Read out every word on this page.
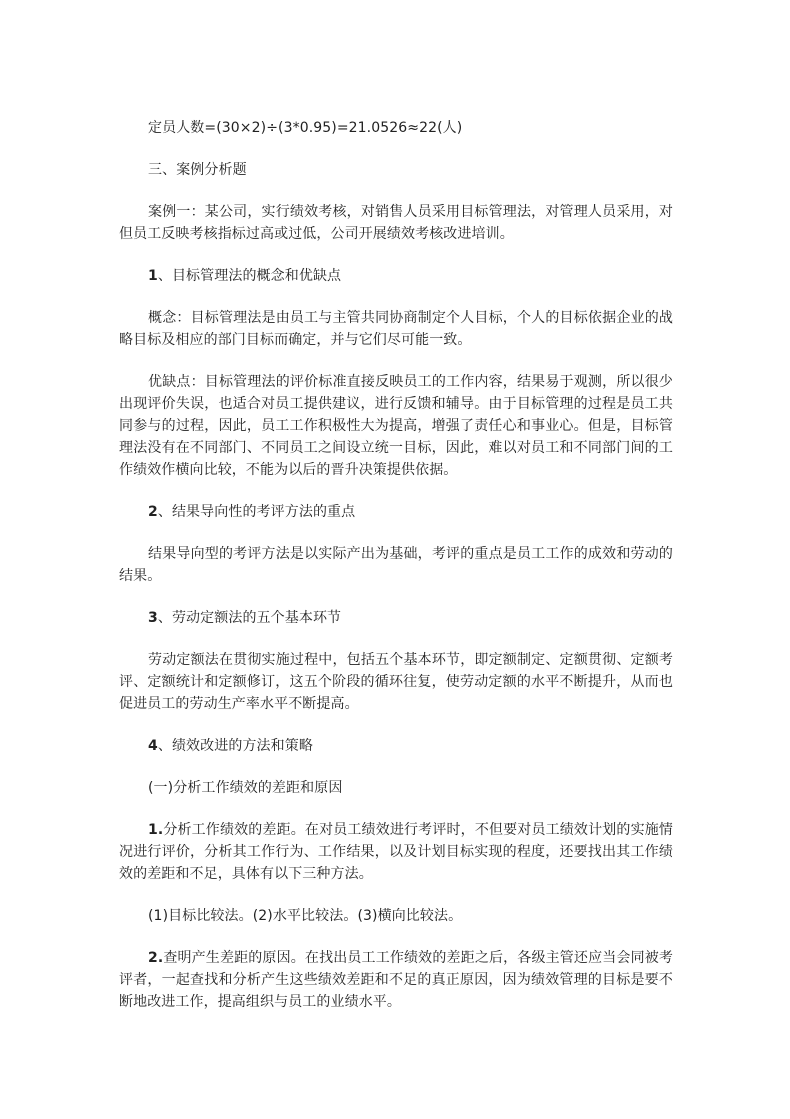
定员人数=(30×2)÷(3*0.95)=21.0526≈22(人)

三、案例分析题

案例一：某公司，实行绩效考核，对销售人员采用目标管理法，对管理人员采用，对但员工反映考核指标过高或过低，公司开展绩效考核改进培训。

1、目标管理法的概念和优缺点

概念：目标管理法是由员工与主管共同协商制定个人目标，个人的目标依据企业的战略目标及相应的部门目标而确定，并与它们尽可能一致。

优缺点：目标管理法的评价标准直接反映员工的工作内容，结果易于观测，所以很少出现评价失误，也适合对员工提供建议，进行反馈和辅导。由于目标管理的过程是员工共同参与的过程，因此，员工工作积极性大为提高，增强了责任心和事业心。但是，目标管理法没有在不同部门、不同员工之间设立统一目标，因此，难以对员工和不同部门间的工作绩效作横向比较，不能为以后的晋升决策提供依据。

2、结果导向性的考评方法的重点

结果导向型的考评方法是以实际产出为基础，考评的重点是员工工作的成效和劳动的结果。

3、劳动定额法的五个基本环节

劳动定额法在贯彻实施过程中，包括五个基本环节，即定额制定、定额贯彻、定额考评、定额统计和定额修订，这五个阶段的循环往复，使劳动定额的水平不断提升，从而也促进员工的劳动生产率水平不断提高。

4、绩效改进的方法和策略

(一)分析工作绩效的差距和原因

1.分析工作绩效的差距。在对员工绩效进行考评时，不但要对员工绩效计划的实施情况进行评价，分析其工作行为、工作结果，以及计划目标实现的程度，还要找出其工作绩效的差距和不足，具体有以下三种方法。

(1)目标比较法。(2)水平比较法。(3)横向比较法。

2.查明产生差距的原因。在找出员工工作绩效的差距之后，各级主管还应当会同被考评者，一起查找和分析产生这些绩效差距和不足的真正原因，因为绩效管理的目标是要不断地改进工作，提高组织与员工的业绩水平。
